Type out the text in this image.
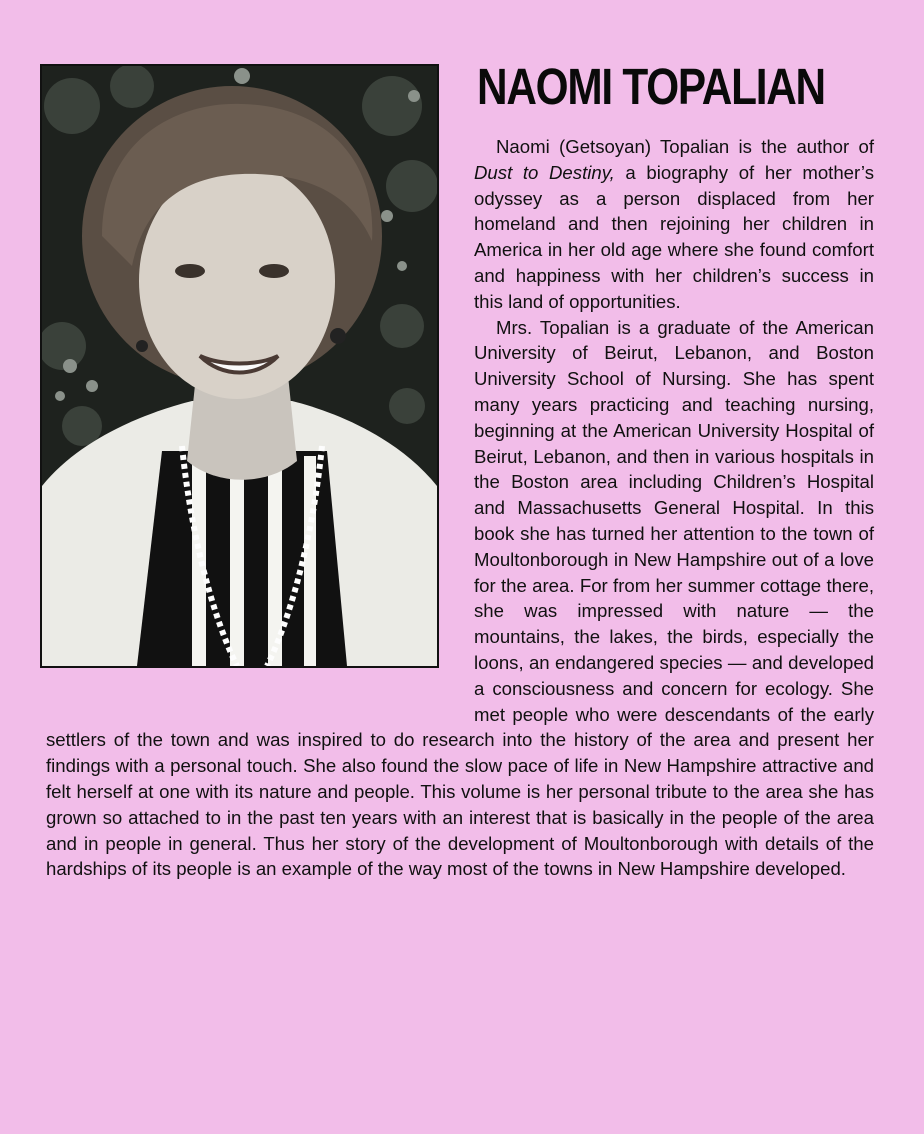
NAOMI TOPALIAN

Naomi (Getsoyan) Topalian is the author of Dust to Destiny, a biography of her mother’s odyssey as a person displaced from her homeland and then rejoining her children in America in her old age where she found comfort and happiness with her children’s success in this land of opportunities.

Mrs. Topalian is a graduate of the American University of Beirut, Lebanon, and Boston University School of Nursing. She has spent many years practicing and teaching nursing, beginning at the American University Hospital of Beirut, Lebanon, and then in various hospitals in the Boston area including Children’s Hospital and Massachusetts General Hospital. In this book she has turned her attention to the town of Moultonborough in New Hampshire out of a love for the area. For from her summer cottage there, she was impressed with nature — the mountains, the lakes, the birds, especially the loons, an endangered species — and developed a consciousness and concern for ecology. She met people who were descendants of the early settlers of the town and was inspired to do research into the history of the area and present her findings with a personal touch. She also found the slow pace of life in New Hampshire attractive and felt herself at one with its nature and people. This volume is her personal tribute to the area she has grown so attached to in the past ten years with an interest that is basically in the people of the area and in people in general. Thus her story of the development of Moultonborough with details of the hardships of its people is an example of the way most of the towns in New Hampshire developed.
